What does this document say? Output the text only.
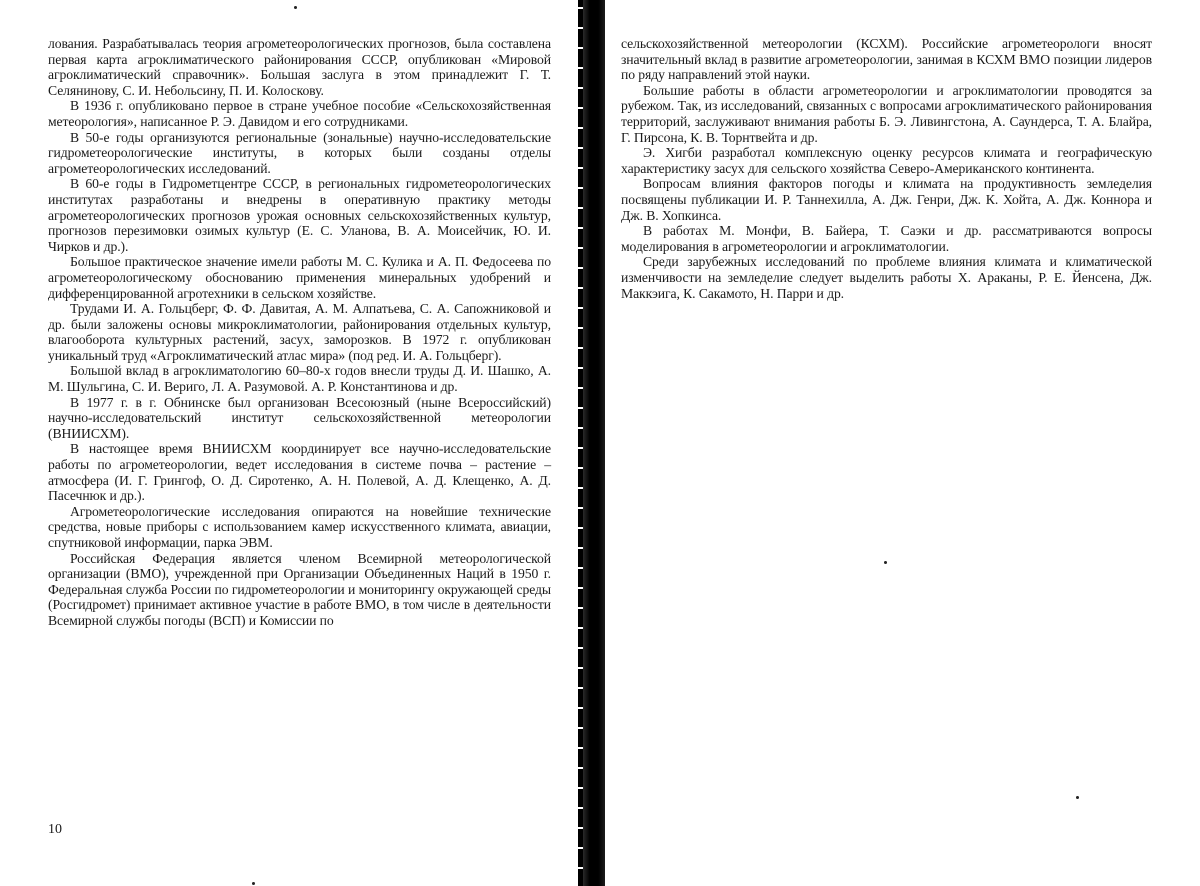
лования. Разрабатывалась теория агрометеорологических прогнозов, была составлена первая карта агроклиматического районирования СССР, опубликован «Мировой агроклиматический справочник». Большая заслуга в этом принадлежит Г. Т. Селянинову, С. И. Небольсину, П. И. Колоскову.

В 1936 г. опубликовано первое в стране учебное пособие «Сельскохозяйственная метеорология», написанное Р. Э. Давидом и его сотрудниками.

В 50-е годы организуются региональные (зональные) научно-исследовательские гидрометеорологические институты, в которых были созданы отделы агрометеорологических исследований.

В 60-е годы в Гидрометцентре СССР, в региональных гидрометеорологических институтах разработаны и внедрены в оперативную практику методы агрометеорологических прогнозов урожая основных сельскохозяйственных культур, прогнозов перезимовки озимых культур (Е. С. Уланова, В. А. Моисейчик, Ю. И. Чирков и др.).

Большое практическое значение имели работы М. С. Кулика и А. П. Федосеева по агрометеорологическому обоснованию применения минеральных удобрений и дифференцированной агротехники в сельском хозяйстве.

Трудами И. А. Гольцберг, Ф. Ф. Давитая, А. М. Алпатьева, С. А. Сапожниковой и др. были заложены основы микроклиматологии, районирования отдельных культур, влагооборота культурных растений, засух, заморозков. В 1972 г. опубликован уникальный труд «Агроклиматический атлас мира» (под ред. И. А. Гольцберг).

Большой вклад в агроклиматологию 60–80-х годов внесли труды Д. И. Шашко, А. М. Шульгина, С. И. Вериго, Л. А. Разумовой. А. Р. Константинова и др.

В 1977 г. в г. Обнинске был организован Всесоюзный (ныне Всероссийский) научно-исследовательский институт сельскохозяйственной метеорологии (ВНИИСХМ).

В настоящее время ВНИИСХМ координирует все научно-исследовательские работы по агрометеорологии, ведет исследования в системе почва – растение – атмосфера (И. Г. Грингоф, О. Д. Сиротенко, А. Н. Полевой, А. Д. Клещенко, А. Д. Пасечнюк и др.).

Агрометеорологические исследования опираются на новейшие технические средства, новые приборы с использованием камер искусственного климата, авиации, спутниковой информации, парка ЭВМ.

Российская Федерация является членом Всемирной метеорологической организации (ВМО), учрежденной при Организации Объединенных Наций в 1950 г. Федеральная служба России по гидрометеорологии и мониторингу окружающей среды (Росгидромет) принимает активное участие в работе ВМО, в том числе в деятельности Всемирной службы погоды (ВСП) и Комиссии по

10

сельскохозяйственной метеорологии (КСХМ). Российские агрометеорологи вносят значительный вклад в развитие агрометеорологии, занимая в КСХМ ВМО позиции лидеров по ряду направлений этой науки.

Большие работы в области агрометеорологии и агроклиматологии проводятся за рубежом. Так, из исследований, связанных с вопросами агроклиматического районирования территорий, заслуживают внимания работы Б. Э. Ливингстона, А. Саундерса, Т. А. Блайра, Г. Пирсона, К. В. Торнтвейта и др.

Э. Хигби разработал комплексную оценку ресурсов климата и географическую характеристику засух для сельского хозяйства Северо-Американского континента.

Вопросам влияния факторов погоды и климата на продуктивность земледелия посвящены публикации И. Р. Таннехилла, А. Дж. Генри, Дж. К. Хойта, А. Дж. Коннора и Дж. В. Хопкинса.

В работах М. Монфи, В. Байера, Т. Саэки и др. рассматриваются вопросы моделирования в агрометеорологии и агроклиматологии.

Среди зарубежных исследований по проблеме влияния климата и климатической изменчивости на земледелие следует выделить работы Х. Араканы, Р. Е. Йенсена, Дж. Маккэига, К. Сакамото, Н. Парри и др.
